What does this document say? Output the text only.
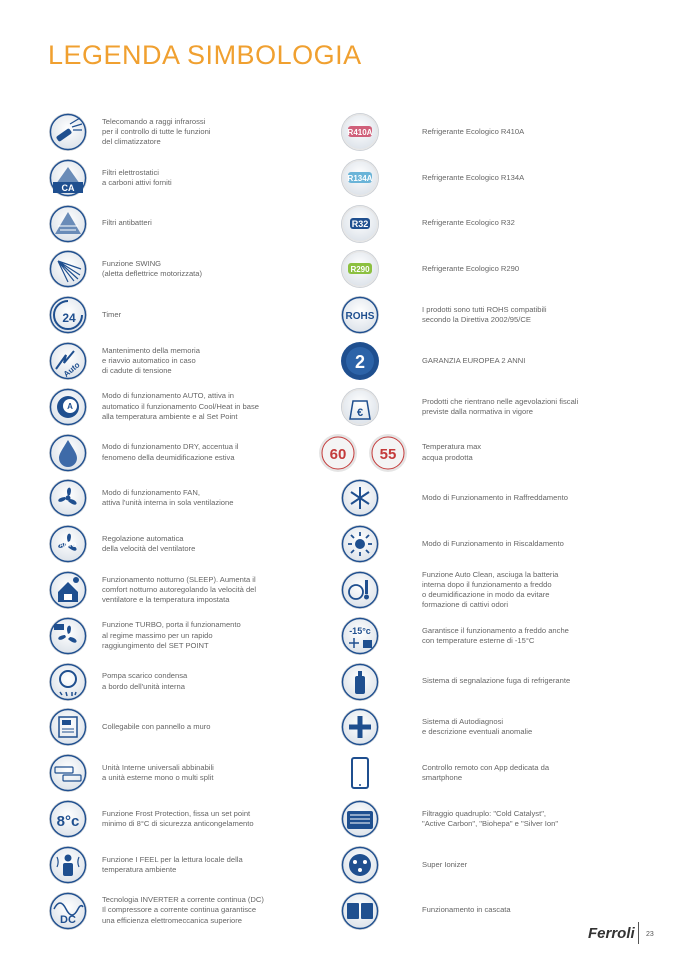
LEGENDA SIMBOLOGIA
Telecomando a raggi infrarossi
per il controllo di tutte le funzioni
del climatizzatore
CA
Filtri elettrostatici
a carboni attivi forniti
Filtri antibatteri
Funzione SWING
(aletta deflettrice motorizzata)
24	Timer
Auto
Mantenimento della memoria
e riavvio automatico in caso
di cadute di tensione
A
Modo di funzionamento AUTO, attiva in
automatico il funzionamento Cool/Heat in base
alla temperatura ambiente e al Set Point
Modo di funzionamento DRY, accentua il
fenomeno della deumidificazione estiva
Modo di funzionamento FAN,
attiva l'unità interna in sola ventilazione
AUTO
Regolazione automatica
della velocità del ventilatore
Funzionamento notturno (SLEEP). Aumenta il
comfort notturno autoregolando la velocità del
ventilatore e la temperatura impostata
Funzione TURBO, porta il funzionamento
al regime massimo per un rapido
raggiungimento del SET POINT
Pompa scarico condensa
a bordo dell'unità interna
Collegabile con pannello a muro
Unità Interne universali abbinabili
a unità esterne mono o multi split
8°c	Funzione Frost Protection, fissa un set point
minimo di 8°C di sicurezza anticongelamento
Funzione I FEEL per la lettura locale della
temperatura ambiente
DC
Tecnologia INVERTER a corrente continua (DC)
Il compressore a corrente continua garantisce
una efficienza elettromeccanica superiore
R410A	Refrigerante Ecologico R410A
R134A	Refrigerante Ecologico R134A
R32	Refrigerante Ecologico R32
R290	Refrigerante Ecologico R290
ROHS
I prodotti sono tutti ROHS compatibili
secondo la Direttiva 2002/95/CE
2	GARANZIA EUROPEA 2 ANNI
€
Prodotti che rientrano nelle agevolazioni fiscali
previste dalla normativa in vigore
60 55	Temperatura max
acqua prodotta
Modo di Funzionamento in Raffreddamento
Modo di Funzionamento in Riscaldamento
Funzione Auto Clean, asciuga la batteria
interna dopo il funzionamento a freddo
o deumidificazione in modo da evitare
formazione di cattivi odori
-15°c	Garantisce il funzionamento a freddo anche
con temperature esterne di -15°C
Sistema di segnalazione fuga di refrigerante
Sistema di Autodiagnosi
e descrizione eventuali anomalie
Controllo remoto con App dedicata da
smartphone
Filtraggio quadruplo: "Cold Catalyst",
"Active Carbon", "Biohepa" e "Silver Ion"
Super Ionizer
Funzionamento in cascata
Ferroli 23
